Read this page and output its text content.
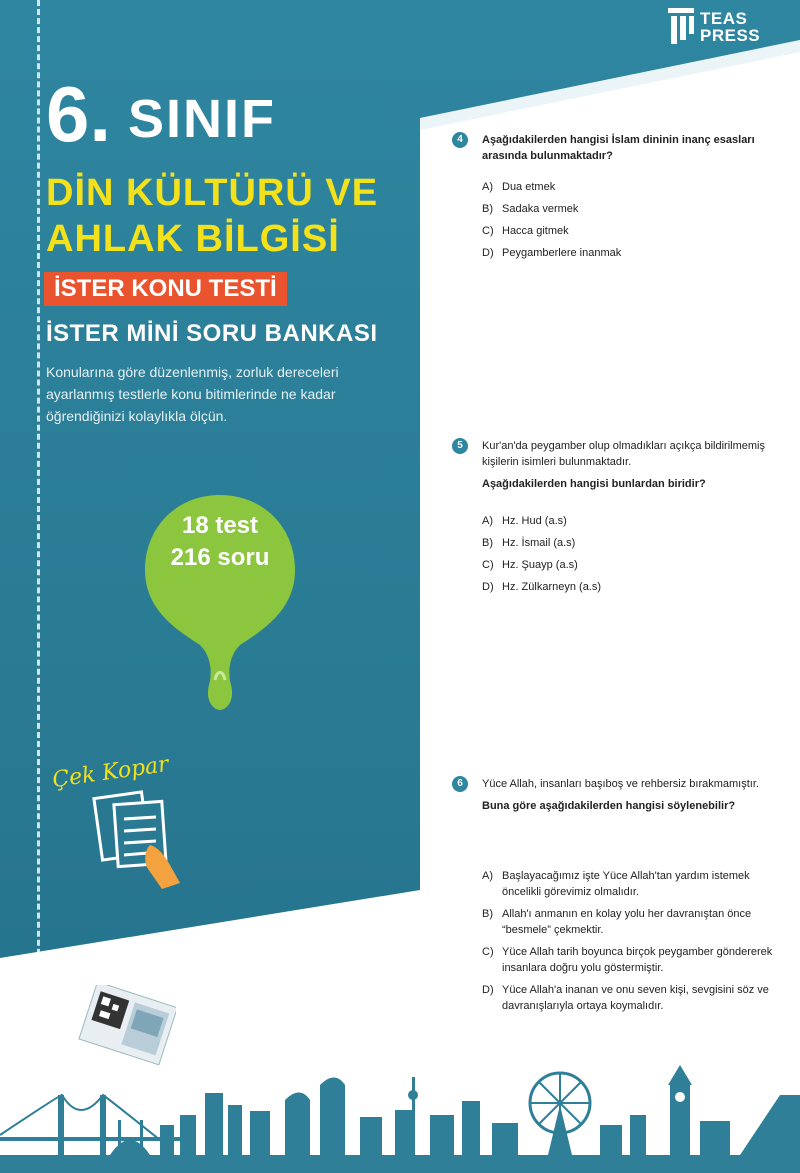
TEAS
PRESS
6. SINIF
DİN KÜLTÜRÜ VE
AHLAK BİLGİSİ
İSTER KONU TESTİ
İSTER MİNİ SORU BANKASI
Konularına göre düzenlenmiş, zorluk dereceleri ayarlanmış testlerle konu bitimlerinde ne kadar öğrendiğinizi kolaylıkla ölçün.
18 test
216 soru
Çek Kopar
4	Aşağıdakilerden hangisi İslam dininin inanç esasları arasında bulunmaktadır?
A) Dua etmek
B) Sadaka vermek
C) Hacca gitmek
D) Peygamberlere inanmak
5	Kur'an'da peygamber olup olmadıkları açıkça bildirilmemiş kişilerin isimleri bulunmaktadır.
Aşağıdakilerden hangisi bunlardan biridir?
A) Hz. Hud (a.s)
B) Hz. İsmail (a.s)
C) Hz. Şuayp (a.s)
D) Hz. Zülkarneyn (a.s)
6	Yüce Allah, insanları başıboş ve rehbersiz bırakmamıştır.
Buna göre aşağıdakilerden hangisi söylenebilir?
A) Başlayacağımız işte Yüce Allah'tan yardım istemek öncelikli görevimiz olmalıdır.
B) Allah'ı anmanın en kolay yolu her davranıştan önce “besmele” çekmektir.
C) Yüce Allah tarih boyunca birçok peygamber göndererek insanlara doğru yolu göstermiştir.
D) Yüce Allah'a inanan ve onu seven kişi, sevgisini söz ve davranışlarıyla ortaya koymalıdır.
